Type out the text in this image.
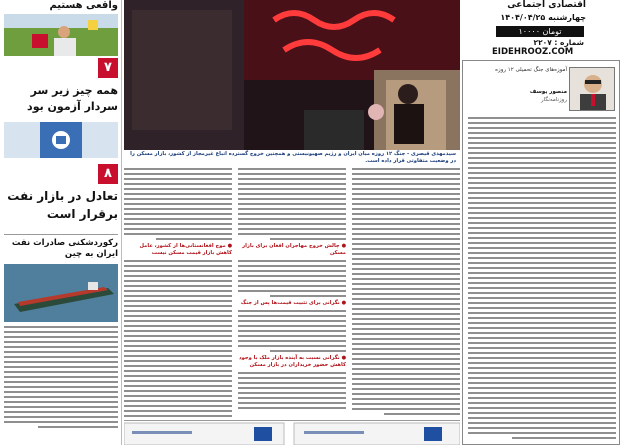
واقعی هستیم
۷
همه چیز زیر سر
سردار آزمون بود
۸
تعادل در بازار نفت
برقرار است
رکوردشکنی صادرات نفت
ایران به چین
سیدمهدی قیصری - جنگ ۱۲ روزه میان ایران و رژیم صهیونیستی و همچنین خروج گسترده اتباع غیرمجاز از کشور، بازار مسکن را در وضعیت متفاوتی قرار داده است.
● موج افغانستانی‌ها از کشور، عامل کاهش بازار قیمت مسکن نیست
● چالش خروج مهاجران افغان برای بازار مسکن
● نگرانی برای تثبیت قیمت‌ها پس از جنگ
● نگرانی نسبت به آینده بازار ملک با وجود کاهش حضور خریداران در بازار مسکن
اقتصادی اجتماعی
چهارشنبه ۱۴۰۴/۰۴/۲۵
۱۰۰۰۰ تومان
شماره : ۲۲۰۷
EIDEHROOZ.COM
آموزه‌های جنگ تحمیلی ۱۲ روزه
منصور یوسف
روزنامه‌نگار
